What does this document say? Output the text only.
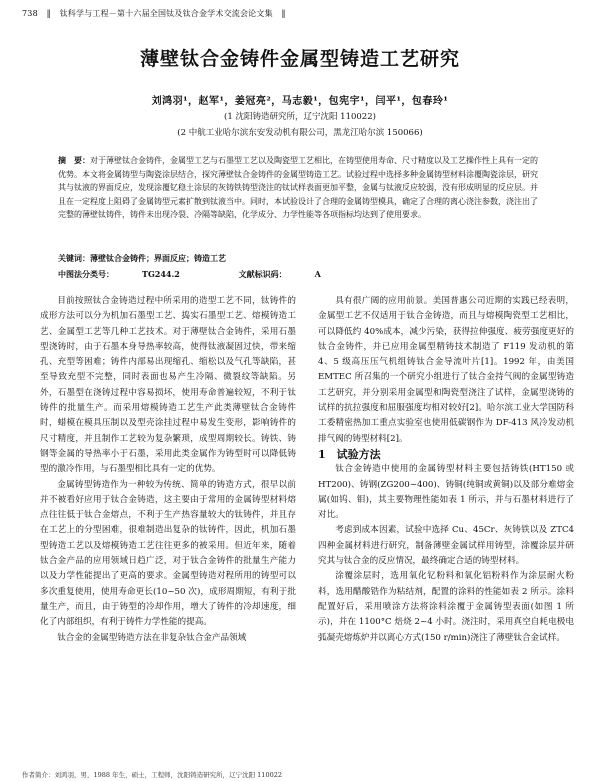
738 ‖ 钛科学与工程－第十六届全国钛及钛合金学术交流会论文集 ‖
薄壁钛合金铸件金属型铸造工艺研究
刘鸿羽¹，赵军¹，姜冠亮²，马志毅¹，包宪宇¹，闫平¹，包春玲¹
(1 沈阳铸造研究所，辽宁沈阳 110022)
(2 中航工业哈尔滨东安发动机有限公司，黑龙江哈尔滨 150066)
摘　要：对于薄壁钛合金铸件，金属型工艺与石墨型工艺以及陶瓷型工艺相比，在铸型使用寿命、尺寸精度以及工艺操作性上具有一定的优势。本文将金属铸型与陶瓷涂层结合，探究薄壁钛合金铸件的金属型铸造工艺。试验过程中选择多种金属铸型材料涂覆陶瓷涂层，研究其与钛液的界面反应，发现涂覆钇稳土涂层的灰铸铁铸型浇注的钛试样表面更加平整，金属与钛液反应较弱，没有形成明显的反应层。并且在一定程度上阻碍了金属铸型元素扩散到钛液当中。同时，本试验设计了合理的金属铸型模具，确定了合理的离心浇注参数，浇注出了完整的薄壁钛铸件，铸件未出现冷裂、冷隔等缺陷，化学成分、力学性能等各项指标均达到了使用要求。
关键词：薄壁钛合金铸件；界面反应；铸造工艺
中图法分类号：	TG244.2	文献标识码：	A

目前按照钛合金铸造过程中所采用的造型工艺不同，钛铸件的成形方法可以分为机加石墨型工艺、捣实石墨型工艺、熔模铸造工艺、金属型工艺等几种工艺技术。对于薄壁钛合金铸件，采用石墨型浇铸时，由于石墨本身导热率较高，使得钛液凝固过快，带来缩孔、充型等困难；铸件内部易出现缩孔、缩松以及气孔等缺陷，甚至导致充型不完整，同时表面也易产生冷隔、微裂纹等缺陷。另外，石墨型在浇铸过程中容易损坏，使用寿命普遍较短，不利于钛铸件的批量生产。而采用熔模铸造工艺生产此类薄壁钛合金铸件时，蜡模在模具压制以及型壳涂挂过程中易发生变形，影响铸件的尺寸精度，并且制作工艺较为复杂繁琐，成型周期较长。铸铁、铸钢等金属的导热率小于石墨，采用此类金属作为铸型时可以降低铸型的激冷作用，与石墨型相比具有一定的优势。

金属铸型铸造作为一种较为传统、简单的铸造方式，很早以前并不被看好应用于钛合金铸造，这主要由于常用的金属铸型材料熔点往往低于钛合金熔点，不利于生产热容量较大的钛铸件，并且存在工艺上的分型困难，很难制造出复杂的钛铸件，因此，机加石墨型铸造工艺以及熔模铸造工艺往往更多的被采用。但近年来，随着钛合金产品的应用领域日趋广泛，对于钛合金铸件的批量生产能力以及力学性能提出了更高的要求。金属型铸造对程所用的铸型可以多次重复使用，使用寿命更长(10~50 次)，成形周期短，有利于批量生产，而且，由于铸型的冷却作用，增大了铸件的冷却速度，细化了内部组织，有利于铸件力学性能的提高。

钛合金的金属型铸造方法在非复杂钛合金产品领域

具有很广阔的应用前景。美国普惠公司近期的实践已经表明，金属型工艺不仅适用于钛合金铸造，而且与熔模陶瓷型工艺相比，可以降低约 40%成本，减少污染，获得拉伸强度、疲劳强度更好的钛合金铸件，并已应用金属型精铸技术制造了 F119 发动机的第 4、5 级高压压气机组铸钛合金导流叶片[1]。1992 年，由美国 EMTEC 所召集的一个研究小组进行了钛合金持气阀的金属型铸造工艺研究，并分别采用金属型和陶瓷型浇注了试样，金属型浇铸的试样的抗拉强度和屈服强度均相对较好[2]。哈尔滨工业大学国防科工委精密热加工重点实验室也使用低碳钢作为 DF-413 风冷发动机排气阀的铸型材料[2]。

1　试验方法

钛合金铸造中使用的金属铸型材料主要包括铸铁(HT150 或 HT200)、铸钢(ZG200~400)、铸铜(纯铜或黄铜)以及部分难熔金属(如钨、钼)，其主要物理性能如表 1 所示，并与石墨材料进行了对比。

考虑到成本因素，试验中选择 Cu、45Cr、灰铸铁以及 ZTC4 四种金属材料进行研究，制备薄壁金属试样用铸型，涂覆涂层并研究其与钛合金的反应情况，最终确定合适的铸型材料。

涂覆涂层时，选用氧化钇粉料和氧化铝粉料作为涂层耐火粉料，选用醋酸锆作为粘结剂，配置的涂料的性能如表 2 所示。涂料配置好后，采用喷涂方法将涂料涂覆于金属铸型表面(如图 1 所示)，并在 1100°C 焙烧 2~4 小时。浇注时，采用真空自耗电极电弧凝壳熔炼炉并以离心方式(150 r/min)浇注了薄壁钛合金试样。

作者简介：刘鸿羽，男，1988 年生，硕士，工程师，沈阳铸造研究所，辽宁沈阳 110022
